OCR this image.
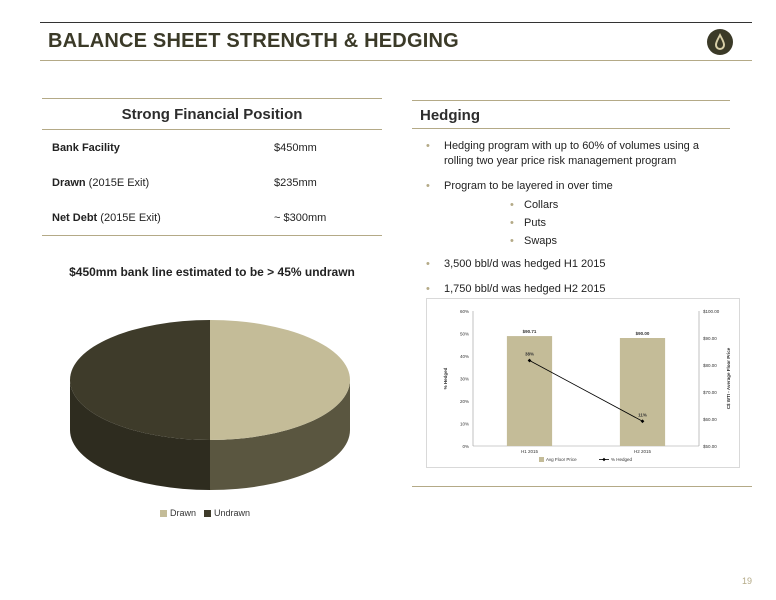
BALANCE SHEET STRENGTH & HEDGING
Strong Financial Position
Bank Facility	$450mm
Drawn (2015E Exit)	$235mm
Net Debt (2015E Exit)	~ $300mm
$450mm bank line estimated to be > 45% undrawn
Drawn Undrawn
Hedging
• Hedging program with up to 60% of volumes using a rolling two year price risk management program
• Program to be layered in over time
• Collars
• Puts
• Swaps
• 3,500 bbl/d was hedged H1 2015
• 1,750 bbl/d was hedged H2 2015
0%
10%
20%
30%
40%
50%
60%
$50.00
$60.00
$70.00
$80.00
$90.00
$100.00
% Hedged	C$ WTI - Average Floor Price
$90.71
H1 2015
$90.00
H2 2015
38%
11%
Avg Floor Price	% Hedged
19
